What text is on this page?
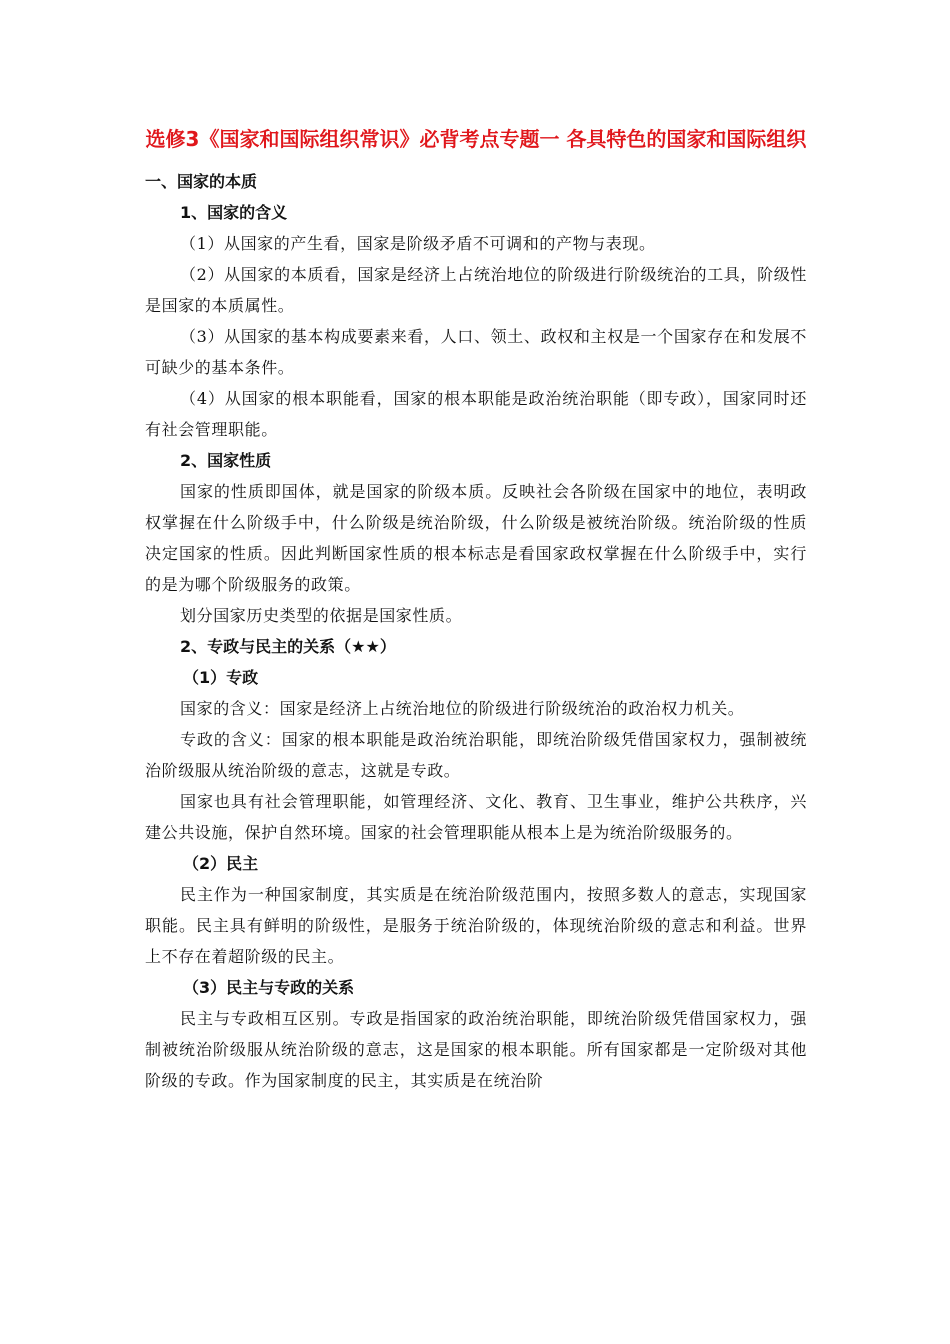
选修3《国家和国际组织常识》必背考点专题一 各具特色的国家和国际组织
一、国家的本质
1、国家的含义

（1）从国家的产生看，国家是阶级矛盾不可调和的产物与表现。

（2）从国家的本质看，国家是经济上占统治地位的阶级进行阶级统治的工具，阶级性是国家的本质属性。

（3）从国家的基本构成要素来看，人口、领土、政权和主权是一个国家存在和发展不可缺少的基本条件。

（4）从国家的根本职能看，国家的根本职能是政治统治职能（即专政），国家同时还有社会管理职能。

2、国家性质

国家的性质即国体，就是国家的阶级本质。反映社会各阶级在国家中的地位，表明政权掌握在什么阶级手中，什么阶级是统治阶级，什么阶级是被统治阶级。统治阶级的性质决定国家的性质。因此判断国家性质的根本标志是看国家政权掌握在什么阶级手中，实行的是为哪个阶级服务的政策。

划分国家历史类型的依据是国家性质。

2、专政与民主的关系（★★）
（1）专政

国家的含义：国家是经济上占统治地位的阶级进行阶级统治的政治权力机关。

专政的含义：国家的根本职能是政治统治职能，即统治阶级凭借国家权力，强制被统治阶级服从统治阶级的意志，这就是专政。

国家也具有社会管理职能，如管理经济、文化、教育、卫生事业，维护公共秩序，兴建公共设施，保护自然环境。国家的社会管理职能从根本上是为统治阶级服务的。

（2）民主

民主作为一种国家制度，其实质是在统治阶级范围内，按照多数人的意志，实现国家职能。民主具有鲜明的阶级性，是服务于统治阶级的，体现统治阶级的意志和利益。世界上不存在着超阶级的民主。

（3）民主与专政的关系

民主与专政相互区别。专政是指国家的政治统治职能，即统治阶级凭借国家权力，强制被统治阶级服从统治阶级的意志，这是国家的根本职能。所有国家都是一定阶级对其他阶级的专政。作为国家制度的民主，其实质是在统治阶
